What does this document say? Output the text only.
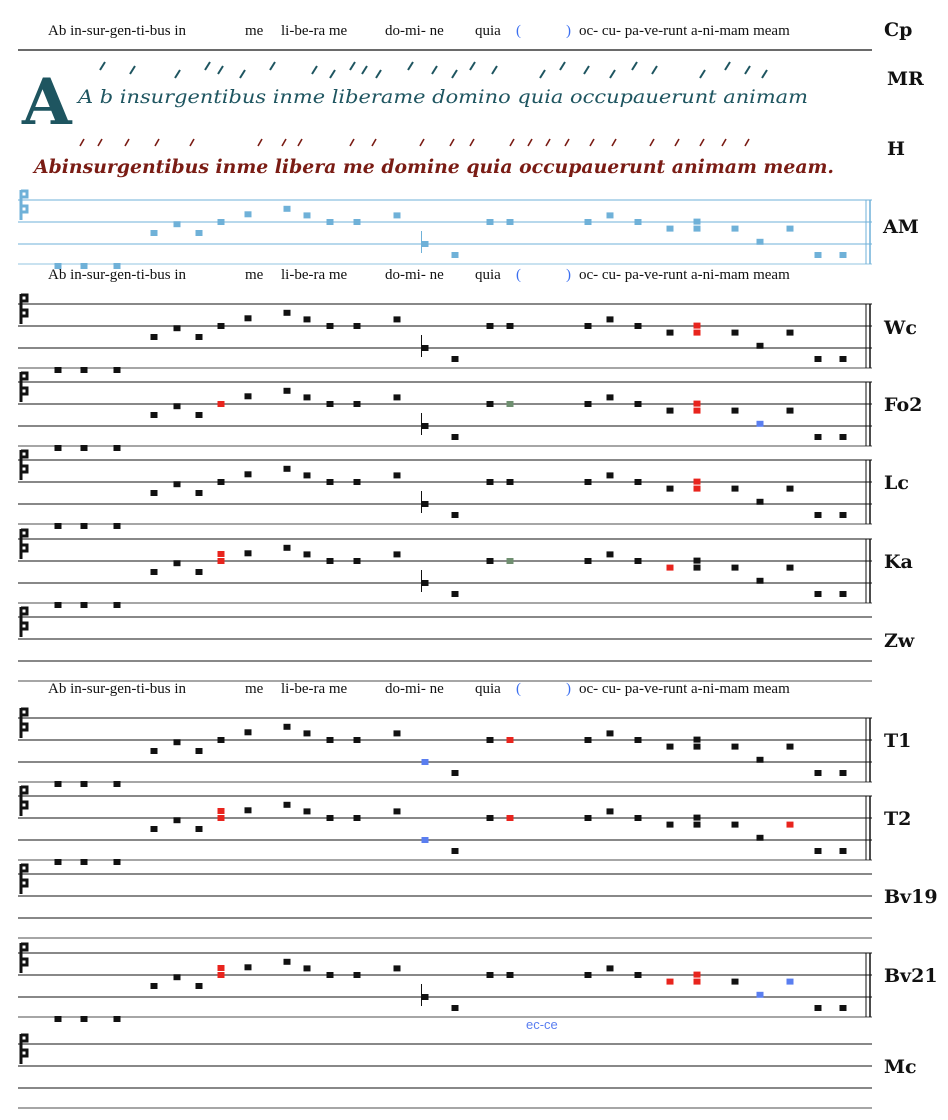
Ab in-sur-gen-ti-bus in	me li-be-ra me	do-mi- ne quia (	) oc- cu- pa-ve-runt a-ni-mam meam	Cp
A A b insurgentibus inme liberame domino quia occupauerunt animam
MR
Abinsurgentibus inme libera me domine quia occupauerunt animam meam.
H
Ab in-sur-gen-ti-bus in	me li-be-ra me	do-mi- ne quia (	) oc- cu- pa-ve-runt a-ni-mam meam
Ab in-sur-gen-ti-bus in	me li-be-ra me	do-mi- ne quia (	) oc- cu- pa-ve-runt a-ni-mam meam
ec-ce
AM
Wc
Fo2
Lc
Ka
Zw
T1
T2
Bv19
Bv21
Mc
